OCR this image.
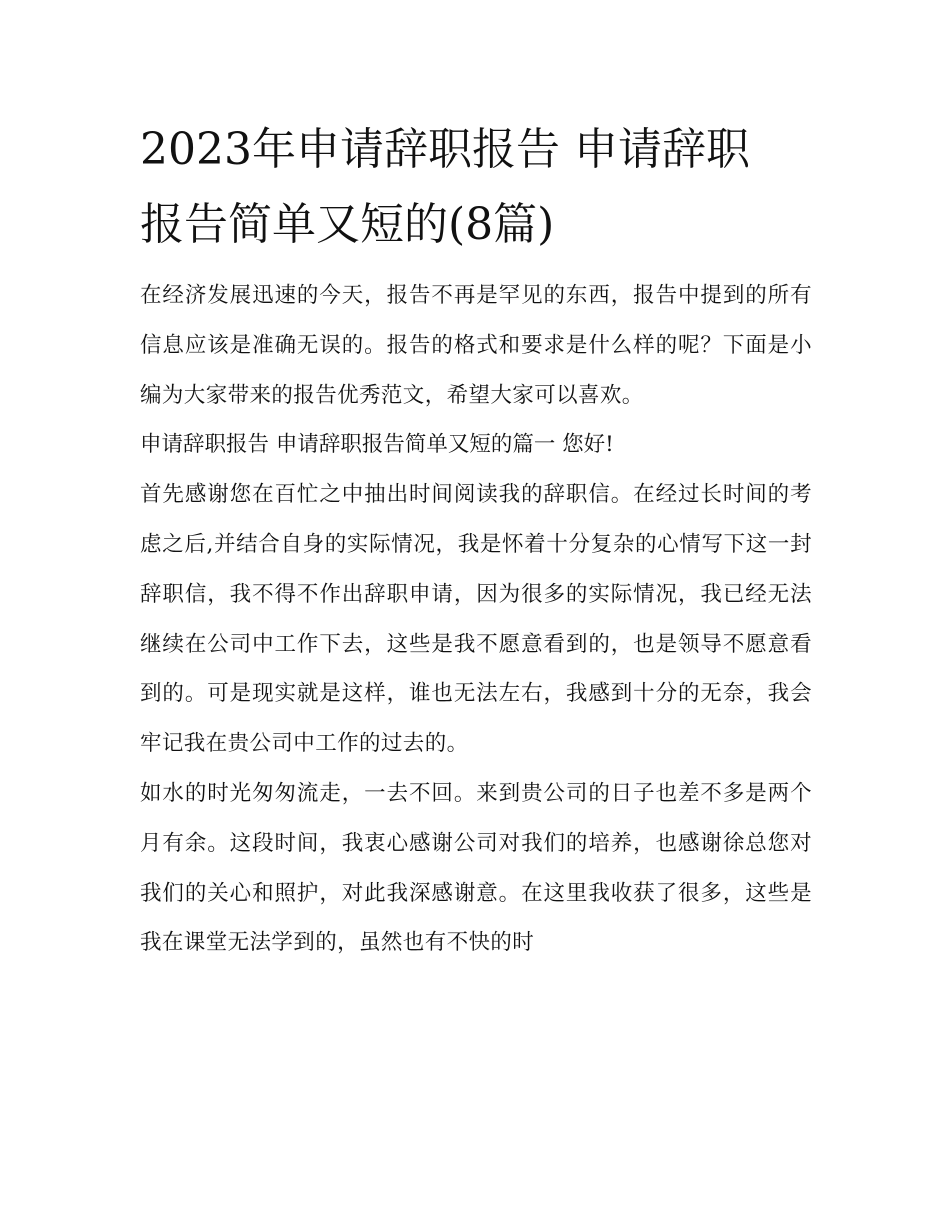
2023年申请辞职报告 申请辞职报告简单又短的(8篇)

在经济发展迅速的今天，报告不再是罕见的东西，报告中提到的所有信息应该是准确无误的。报告的格式和要求是什么样的呢？下面是小编为大家带来的报告优秀范文，希望大家可以喜欢。

申请辞职报告 申请辞职报告简单又短的篇一 您好!

首先感谢您在百忙之中抽出时间阅读我的辞职信。在经过长时间的考虑之后,并结合自身的实际情况，我是怀着十分复杂的心情写下这一封辞职信，我不得不作出辞职申请，因为很多的实际情况，我已经无法继续在公司中工作下去，这些是我不愿意看到的，也是领导不愿意看到的。可是现实就是这样，谁也无法左右，我感到十分的无奈，我会牢记我在贵公司中工作的过去的。

如水的时光匆匆流走，一去不回。来到贵公司的日子也差不多是两个月有余。这段时间，我衷心感谢公司对我们的培养，也感谢徐总您对我们的关心和照护，对此我深感谢意。在这里我收获了很多，这些是我在课堂无法学到的，虽然也有不快的时
